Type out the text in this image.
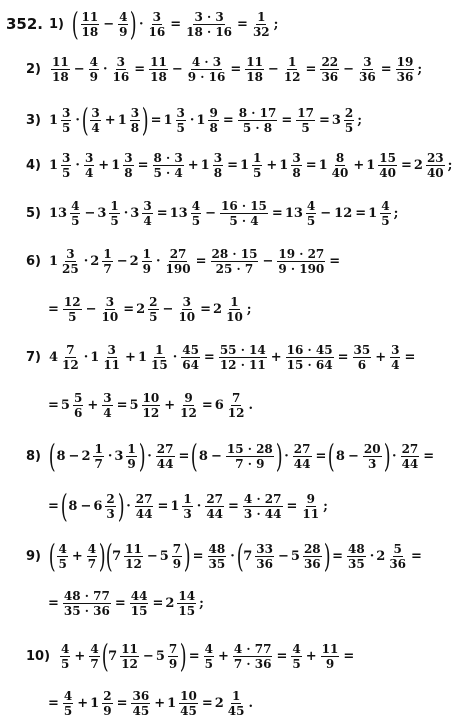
352. 1) ( $\frac{11}{18} - \frac{4}{9}$ ) · $\frac{3}{16} = \frac{3 \cdot 3}{18 \cdot 16} = \frac{1}{32}$ ;
$2) \frac{11}{18} - \frac{4}{9} \cdot \frac{3}{16} = \frac{11}{18} - \frac{4 \cdot 3}{9 \cdot 16} = \frac{11}{18} - \frac{1}{12} = \frac{22}{36} - \frac{3}{36} = \frac{19}{36}$ ;
3) $1 \frac{3}{5}$ · ( $\frac{3}{4} + 1 \frac{3}{8}$ ) = $1 \frac{3}{5} \cdot 1 \frac{9}{8} = \frac{8 \cdot 17}{5 \cdot 8} = \frac{17}{5} = 3 \frac{2}{5}$ ;
4) $1 \frac{3}{5} \cdot \frac{3}{4} + 1 \frac{3}{8} = \frac{8 \cdot 3}{5 \cdot 4} + 1 \frac{3}{8} = 1 \frac{1}{5} + 1 \frac{3}{8} = 1 \frac{8}{40} + 1 \frac{15}{40} = 2 \frac{23}{40}$ ;
5) $13 \frac{4}{5} - 3 \frac{1}{5} \cdot 3 \frac{3}{4} = 13 \frac{4}{5} - \frac{16 \cdot 15}{5 \cdot 4} = 13 \frac{4}{5} - 12 = 1 \frac{4}{5}$ ;
6) $1 \frac{3}{25} \cdot 2 \frac{1}{7} - 2 \frac{1}{9} \cdot \frac{27}{190} = \frac{28 \cdot 15}{25 \cdot 7} - \frac{19 \cdot 27}{9 \cdot 190}$ =
= $\frac{12}{5} - \frac{3}{10} = 2 \frac{2}{5} - \frac{3}{10} = 2 \frac{1}{10}$ ;
7) $4 \frac{7}{12} \cdot 1 \frac{3}{11} + 1 \frac{1}{15} \cdot \frac{45}{64} = \frac{55 \cdot 14}{12 \cdot 11} + \frac{16 \cdot 45}{15 \cdot 64} = \frac{35}{6} + \frac{3}{4}$ =
= $5 \frac{5}{6} + \frac{3}{4} = 5 \frac{10}{12} + \frac{9}{12} = 6 \frac{7}{12}$ .
8) ( $8 - 2 \frac{1}{7} \cdot 3 \frac{1}{9}$ ) · $\frac{27}{44}$ = ( $8 - \frac{15 \cdot 28}{7 \cdot 9}$ ) · $\frac{27}{44}$ = ( $8 - \frac{20}{3}$ ) · $\frac{27}{44}$ =
= ( $8 - 6 \frac{2}{3}$ ) · $\frac{27}{44} = 1 \frac{1}{3} \cdot \frac{27}{44} = \frac{4 \cdot 27}{3 \cdot 44} = \frac{9}{11}$ ;
9) ( $\frac{4}{5} + \frac{4}{7}$ ) ( $7 \frac{11}{12} - 5 \frac{7}{9}$ ) = $\frac{48}{35}$ · ( $7 \frac{33}{36} - 5 \frac{28}{36}$ ) = $\frac{48}{35} \cdot 2 \frac{5}{36}$ =
= $\frac{48 \cdot 77}{35 \cdot 36} = \frac{44}{15} = 2 \frac{14}{15}$ ;
$10) \frac{4}{5} + \frac{4}{7}$ ( $7 \frac{11}{12} - 5 \frac{7}{9}$ ) = $\frac{4}{5} + \frac{4 \cdot 77}{7 \cdot 36} = \frac{4}{5} + \frac{11}{9}$ =
= $\frac{4}{5} + 1 \frac{2}{9} = \frac{36}{45} + 1 \frac{10}{45} = 2 \frac{1}{45}$ .
